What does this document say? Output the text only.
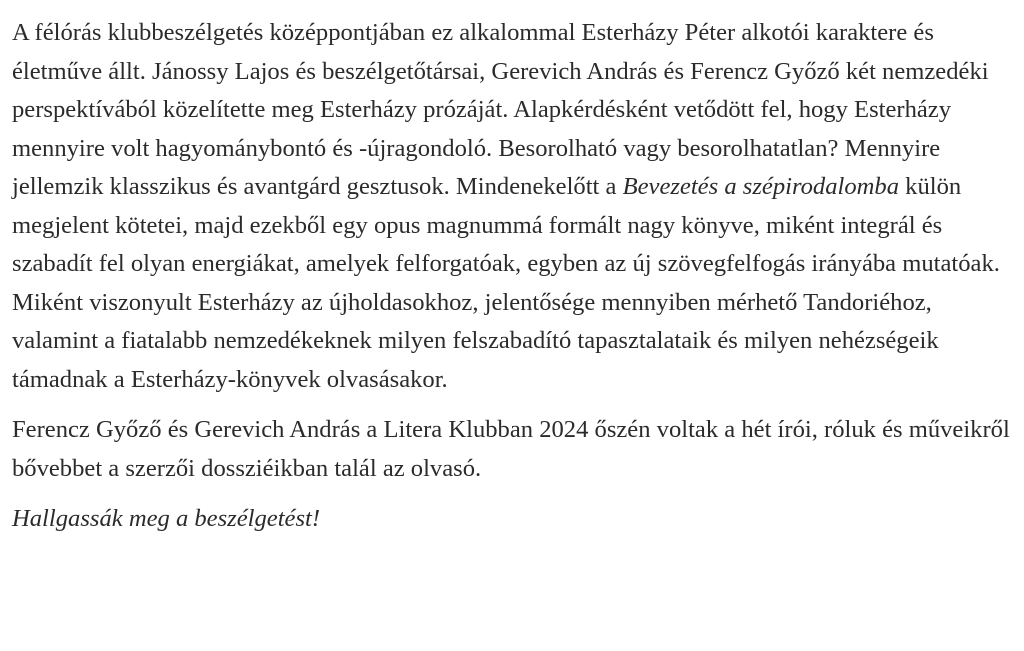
A félórás klubbeszélgetés középpontjában ez alkalommal Esterházy Péter alkotói karaktere és életműve állt. Jánossy Lajos és beszélgetőtársai, Gerevich András és Ferencz Győző két nemzedéki perspektívából közelítette meg Esterházy prózáját. Alapkérdésként vetődött fel, hogy Esterházy mennyire volt hagyománybontó és -újragondoló. Besorolható vagy besorolhatatlan? Mennyire jellemzik klasszikus és avantgárd gesztusok. Mindenekelőtt a Bevezetés a szépirodalomba külön megjelent kötetei, majd ezekből egy opus magnummá formált nagy könyve, miként integrál és szabadít fel olyan energiákat, amelyek felforgatóak, egyben az új szövegfelfogás irányába mutatóak. Miként viszonyult Esterházy az újholdasokhoz, jelentősége mennyiben mérhető Tandoriéhoz, valamint a fiatalabb nemzedékeknek milyen felszabadító tapasztalataik és milyen nehézségeik támadnak a Esterházy-könyvek olvasásakor.

Ferencz Győző és Gerevich András a Litera Klubban 2024 őszén voltak a hét írói, róluk és műveikről bővebbet a szerzői dossziéikban talál az olvasó.

Hallgassák meg a beszélgetést!
